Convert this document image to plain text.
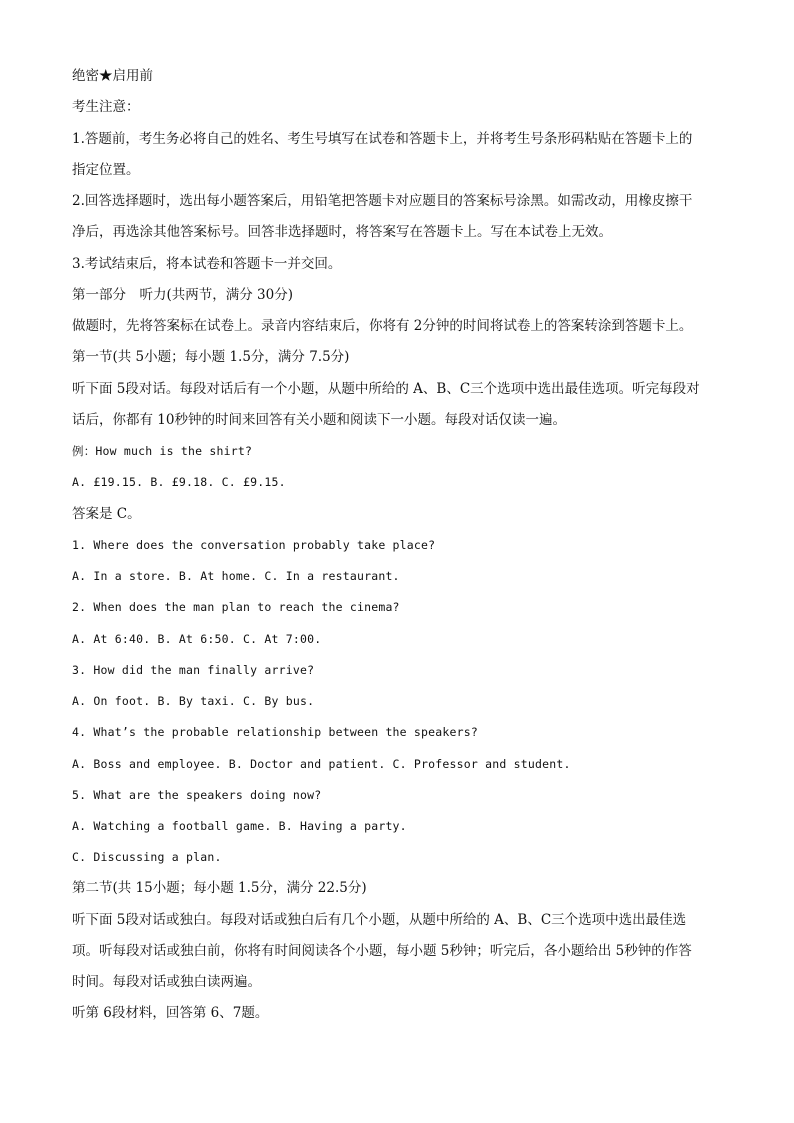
绝密★启用前
考生注意：
1.答题前，考生务必将自己的姓名、考生号填写在试卷和答题卡上，并将考生号条形码粘贴在答题卡上的
指定位置。
2.回答选择题时，选出每小题答案后，用铅笔把答题卡对应题目的答案标号涂黑。如需改动，用橡皮擦干
净后，再选涂其他答案标号。回答非选择题时，将答案写在答题卡上。写在本试卷上无效。
3.考试结束后，将本试卷和答题卡一并交回。
第一部分　听力(共两节，满分 30分)
做题时，先将答案标在试卷上。录音内容结束后，你将有 2分钟的时间将试卷上的答案转涂到答题卡上。
第一节(共 5小题；每小题 1.5分，满分 7.5分)
听下面 5段对话。每段对话后有一个小题，从题中所给的 A、B、C三个选项中选出最佳选项。听完每段对
话后，你都有 10秒钟的时间来回答有关小题和阅读下一小题。每段对话仅读一遍。
例：How much is the shirt?
A. £19.15. B. £9.18. C. £9.15.
答案是 C。
1. Where does the conversation probably take place?
A. In a store. B. At home. C. In a restaurant.
2. When does the man plan to reach the cinema?
A. At 6:40. B. At 6:50. C. At 7:00.
3. How did the man finally arrive?
A. On foot. B. By taxi. C. By bus.
4. What’s the probable relationship between the speakers?
A. Boss and employee. B. Doctor and patient. C. Professor and student.
5. What are the speakers doing now?
A. Watching a football game. B. Having a party.
C. Discussing a plan.
第二节(共 15小题；每小题 1.5分，满分 22.5分)
听下面 5段对话或独白。每段对话或独白后有几个小题，从题中所给的 A、B、C三个选项中选出最佳选
项。听每段对话或独白前，你将有时间阅读各个小题，每小题 5秒钟；听完后，各小题给出 5秒钟的作答
时间。每段对话或独白读两遍。
听第 6段材料，回答第 6、7题。
